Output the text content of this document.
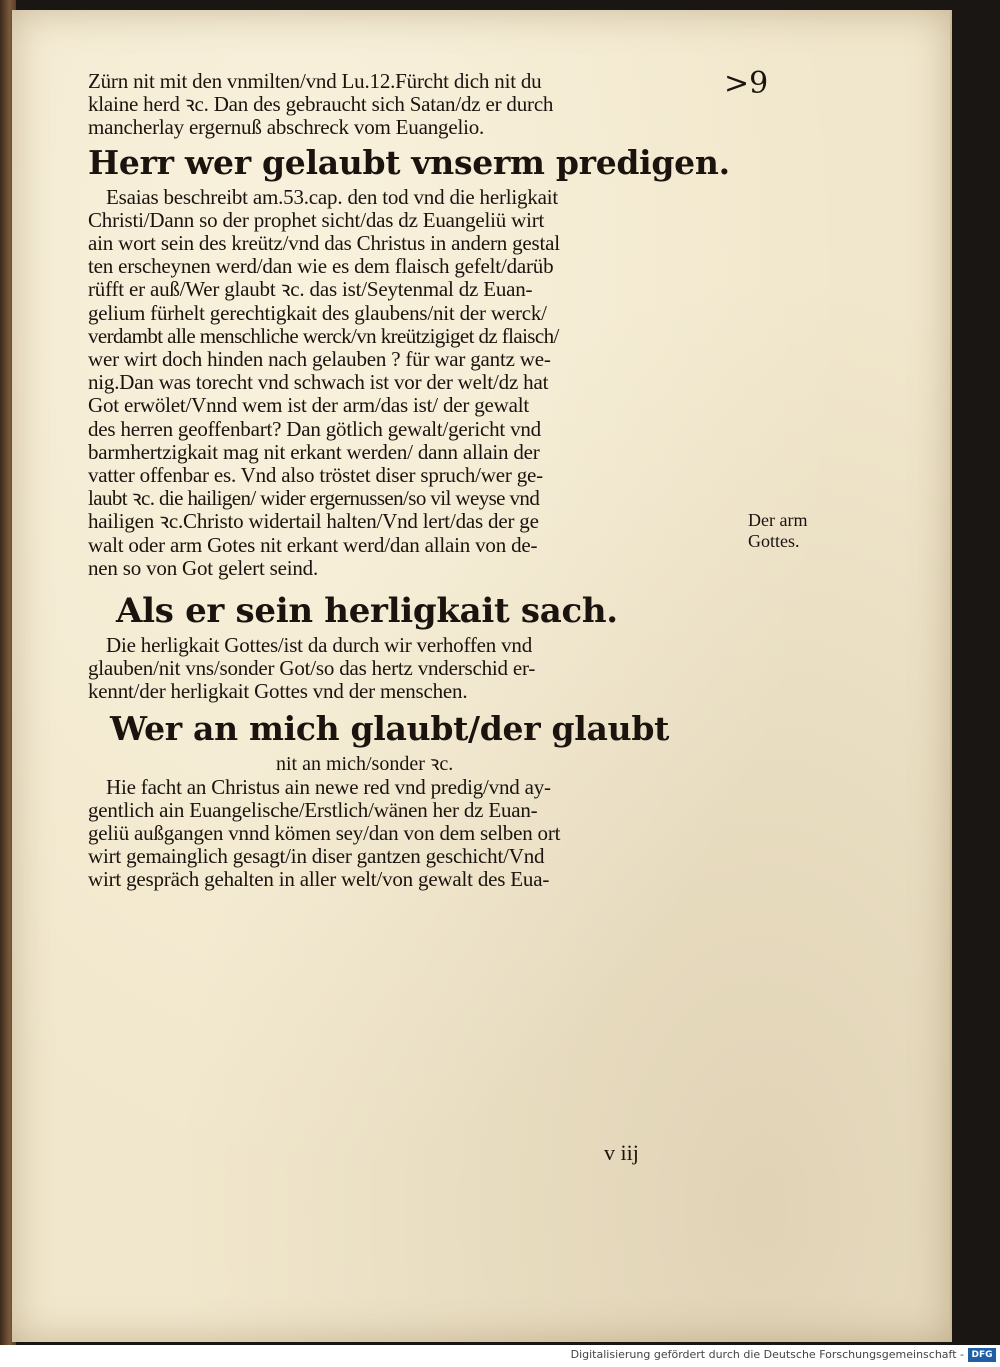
>9
Zürn nit mit den vnmilten/vnd Lu.12.Fürcht dich nit du
klaine herd ꝛc. Dan des gebraucht sich Satan/dz er durch
mancherlay ergernuß abschreck vom Euangelio.
Herr wer gelaubt vnserm predigen.
Esaias beschreibt am.53.cap. den tod vnd die herligkait
Christi/Dann so der prophet sicht/das dz Euangeliü wirt
ain wort sein des kreütz/vnd das Christus in andern gestal
ten erscheynen werd/dan wie es dem flaisch gefelt/darüb
rüfft er auß/Wer glaubt ꝛc. das ist/Seytenmal dz Euan-
gelium fürhelt gerechtigkait des glaubens/nit der werck/
verdambt alle menschliche werck/vn kreützigiget dz flaisch/
wer wirt doch hinden nach gelauben ? für war gantz we-
nig.Dan was torecht vnd schwach ist vor der welt/dz hat
Got erwölet/Vnnd wem ist der arm/das ist/ der gewalt
des herren geoffenbart? Dan götlich gewalt/gericht vnd
barmhertzigkait mag nit erkant werden/ dann allain der
vatter offenbar es. Vnd also tröstet diser spruch/wer ge-
laubt ꝛc. die hailigen/ wider ergernussen/so vil weyse vnd
hailigen ꝛc.Christo widertail halten/Vnd lert/das der ge
walt oder arm Gotes nit erkant werd/dan allain von de-
nen so von Got gelert seind.
Als er sein herligkait sach.
Die herligkait Gottes/ist da durch wir verhoffen vnd
glauben/nit vns/sonder Got/so das hertz vnderschid er-
kennt/der herligkait Gottes vnd der menschen.
Wer an mich glaubt/der glaubt
nit an mich/sonder ꝛc.
Hie facht an Christus ain newe red vnd predig/vnd ay-
gentlich ain Euangelische/Erstlich/wänen her dz Euan-
geliü außgangen vnnd kömen sey/dan von dem selben ort
wirt gemainglich gesagt/in diser gantzen geschicht/Vnd
wirt gespräch gehalten in aller welt/von gewalt des Eua-
Der arm
Gottes.
v iij
Digitalisierung gefördert durch die Deutsche Forschungsgemeinschaft - DFG
